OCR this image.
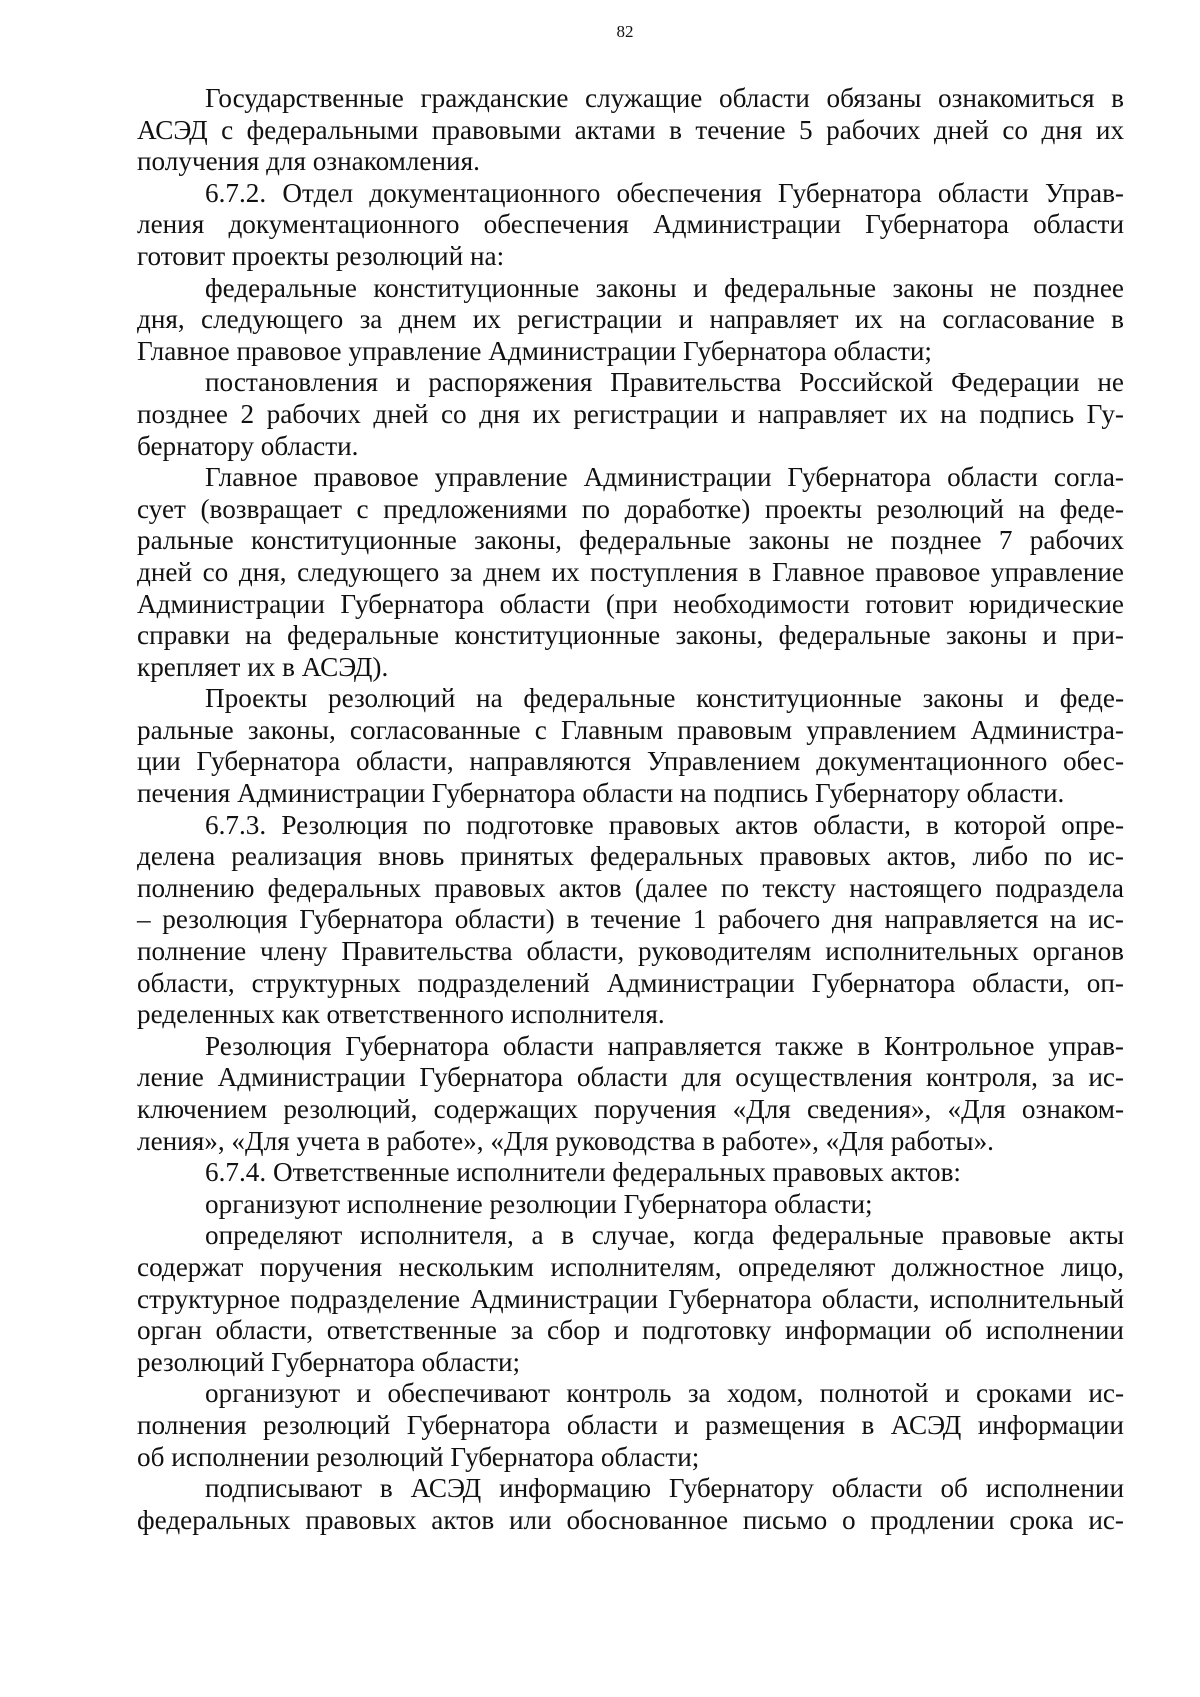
82
Государственные гражданские служащие области обязаны ознакомиться в
АСЭД с федеральными правовыми актами в течение 5 рабочих дней со дня их
получения для ознакомления.
6.7.2. Отдел документационного обеспечения Губернатора области Управ-
ления документационного обеспечения Администрации Губернатора области
готовит проекты резолюций на:
федеральные конституционные законы и федеральные законы не позднее
дня, следующего за днем их регистрации и направляет их на согласование в
Главное правовое управление Администрации Губернатора области;
постановления и распоряжения Правительства Российской Федерации не
позднее 2 рабочих дней со дня их регистрации и направляет их на подпись Гу-
бернатору области.
Главное правовое управление Администрации Губернатора области согла-
сует (возвращает с предложениями по доработке) проекты резолюций на феде-
ральные конституционные законы, федеральные законы не позднее 7 рабочих
дней со дня, следующего за днем их поступления в Главное правовое управление
Администрации Губернатора области (при необходимости готовит юридические
справки на федеральные конституционные законы, федеральные законы и при-
крепляет их в АСЭД).
Проекты резолюций на федеральные конституционные законы и феде-
ральные законы, согласованные с Главным правовым управлением Администра-
ции Губернатора области, направляются Управлением документационного обес-
печения Администрации Губернатора области на подпись Губернатору области.
6.7.3. Резолюция по подготовке правовых актов области, в которой опре-
делена реализация вновь принятых федеральных правовых актов, либо по ис-
полнению федеральных правовых актов (далее по тексту настоящего подраздела
– резолюция Губернатора области) в течение 1 рабочего дня направляется на ис-
полнение члену Правительства области, руководителям исполнительных органов
области, структурных подразделений Администрации Губернатора области, оп-
ределенных как ответственного исполнителя.
Резолюция Губернатора области направляется также в Контрольное управ-
ление Администрации Губернатора области для осуществления контроля, за ис-
ключением резолюций, содержащих поручения «Для сведения», «Для ознаком-
ления», «Для учета в работе», «Для руководства в работе», «Для работы».
6.7.4. Ответственные исполнители федеральных правовых актов:
организуют исполнение резолюции Губернатора области;
определяют исполнителя, а в случае, когда федеральные правовые акты
содержат поручения нескольким исполнителям, определяют должностное лицо,
структурное подразделение Администрации Губернатора области, исполнительный
орган области, ответственные за сбор и подготовку информации об исполнении
резолюций Губернатора области;
организуют и обеспечивают контроль за ходом, полнотой и сроками ис-
полнения резолюций Губернатора области и размещения в АСЭД информации
об исполнении резолюций Губернатора области;
подписывают в АСЭД информацию Губернатору области об исполнении
федеральных правовых актов или обоснованное письмо о продлении срока ис-
